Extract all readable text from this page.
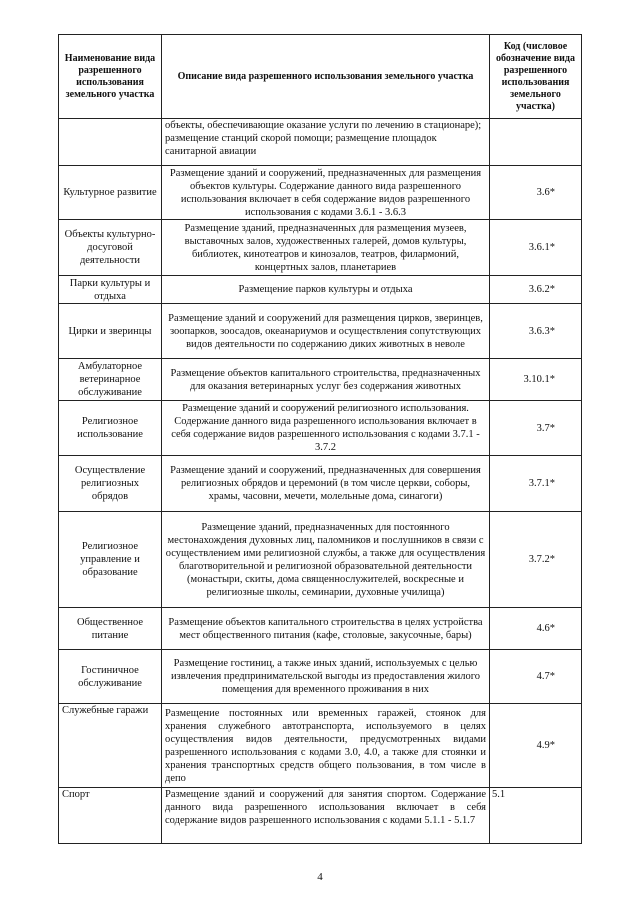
Наименование вида разрешенного использования земельного участка	Описание вида разрешенного использования земельного участка	Код (числовое обозначение вида разрешенного использования земельного участка)
	объекты, обеспечивающие оказание услуги по лечению в стационаре); размещение станций скорой помощи; размещение площадок санитарной авиации	
Культурное развитие	Размещение зданий и сооружений, предназначенных для размещения объектов культуры. Содержание данного вида разрешенного использования включает в себя содержание видов разрешенного использования с кодами 3.6.1 - 3.6.3	3.6*
Объекты культурно-досуговой деятельности	Размещение зданий, предназначенных для размещения музеев, выставочных залов, художественных галерей, домов культуры, библиотек, кинотеатров и кинозалов, театров, филармоний, концертных залов, планетариев	3.6.1*
Парки культуры и отдыха	Размещение парков культуры и отдыха	3.6.2*
Цирки и зверинцы	Размещение зданий и сооружений для размещения цирков, зверинцев, зоопарков, зоосадов, океанариумов и осуществления сопутствующих видов деятельности по содержанию диких животных в неволе	3.6.3*
Амбулаторное ветеринарное обслуживание	Размещение объектов капитального строительства, предназначенных для оказания ветеринарных услуг без содержания животных	3.10.1*
Религиозное использование	Размещение зданий и сооружений религиозного использования. Содержание данного вида разрешенного использования включает в себя содержание видов разрешенного использования с кодами 3.7.1 - 3.7.2	3.7*
Осуществление религиозных обрядов	Размещение зданий и сооружений, предназначенных для совершения религиозных обрядов и церемоний (в том числе церкви, соборы, храмы, часовни, мечети, молельные дома, синагоги)	3.7.1*
Религиозное управление и образование	Размещение зданий, предназначенных для постоянного местонахождения духовных лиц, паломников и послушников в связи с осуществлением ими религиозной службы, а также для осуществления благотворительной и религиозной образовательной деятельности (монастыри, скиты, дома священнослужителей, воскресные и религиозные школы, семинарии, духовные училища)	3.7.2*
Общественное питание	Размещение объектов капитального строительства в целях устройства мест общественного питания (кафе, столовые, закусочные, бары)	4.6*
Гостиничное обслуживание	Размещение гостиниц, а также иных зданий, используемых с целью извлечения предпринимательской выгоды из предоставления жилого помещения для временного проживания в них	4.7*
Служебные гаражи	Размещение постоянных или временных гаражей, стоянок для хранения служебного автотранспорта, используемого в целях осуществления видов деятельности, предусмотренных видами разрешенного использования с кодами 3.0, 4.0, а также для стоянки и хранения транспортных средств общего пользования, в том числе в депо	4.9*
Спорт	Размещение зданий и сооружений для занятия спортом. Содержание данного вида разрешенного использования включает в себя содержание видов разрешенного использования с кодами 5.1.1 - 5.1.7	5.1
4
